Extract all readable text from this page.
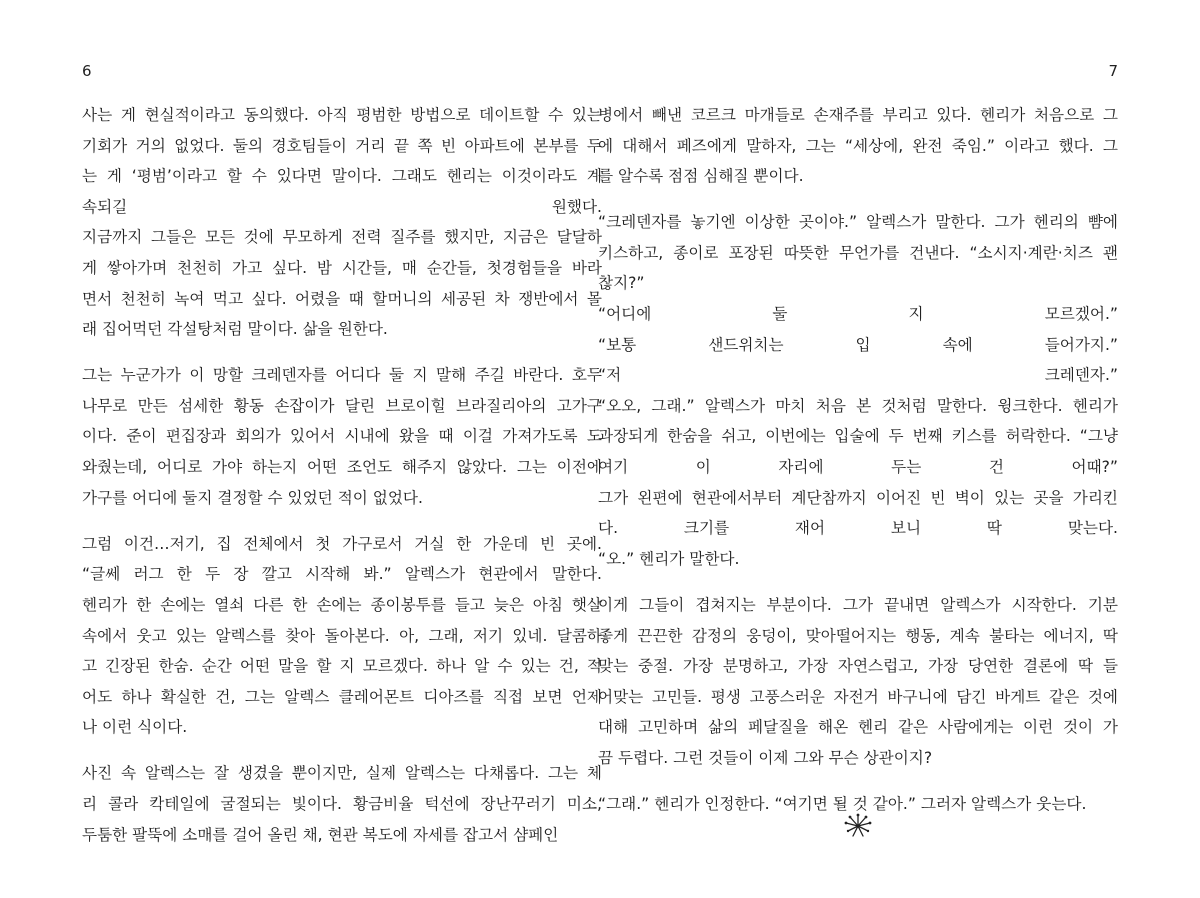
6
사는 게 현실적이라고 동의했다. 아직 평범한 방법으로 데이트할 수 있는
기회가 거의 없었다. 둘의 경호팀들이 거리 끝 쪽 빈 아파트에 본부를 두
는 게 ‘평범’이라고 할 수 있다면 말이다. 그래도 헨리는 이것이라도 계
속되길 원했다.
지금까지 그들은 모든 것에 무모하게 전력 질주를 했지만, 지금은 달달하
게 쌓아가며 천천히 가고 싶다. 밤 시간들, 매 순간들, 첫경험들을 바라
면서 천천히 녹여 먹고 싶다. 어렸을 때 할머니의 세공된 차 쟁반에서 몰
래 집어먹던 각설탕처럼 말이다. 삶을 원한다.
그는 누군가가 이 망할 크레덴자를 어디다 둘 지 말해 주길 바란다. 호두
나무로 만든 섬세한 황동 손잡이가 달린 브로이힐 브라질리아의 고가구
이다. 준이 편집장과 회의가 있어서 시내에 왔을 때 이걸 가져가도록 도
와줬는데, 어디로 가야 하는지 어떤 조언도 해주지 않았다. 그는 이전에
가구를 어디에 둘지 결정할 수 있었던 적이 없었다.
그럼 이건…저기, 집 전체에서 첫 가구로서 거실 한 가운데 빈 곳에.
“글쎄 러그 한 두 장 깔고 시작해 봐.” 알렉스가 현관에서 말한다.
헨리가 한 손에는 열쇠 다른 한 손에는 종이봉투를 들고 늦은 아침 햇살
속에서 웃고 있는 알렉스를 찾아 돌아본다. 아, 그래, 저기 있네. 달콤하
고 긴장된 한숨. 순간 어떤 말을 할 지 모르겠다. 하나 알 수 있는 건, 적
어도 하나 확실한 건, 그는 알렉스 클레어몬트 디아즈를 직접 보면 언제
나 이런 식이다.
사진 속 알렉스는 잘 생겼을 뿐이지만, 실제 알렉스는 다채롭다. 그는 체
리 콜라 칵테일에 굴절되는 빛이다. 황금비율 턱선에 장난꾸러기 미소,
두툼한 팔뚝에 소매를 걸어 올린 채, 현관 복도에 자세를 잡고서 샴페인
7
병에서 빼낸 코르크 마개들로 손재주를 부리고 있다. 헨리가 처음으로 그
에 대해서 페즈에게 말하자, 그는 “세상에, 완전 죽임.” 이라고 했다. 그
를 알수록 점점 심해질 뿐이다.
“크레덴자를 놓기엔 이상한 곳이야.” 알렉스가 말한다. 그가 헨리의 뺨에
키스하고, 종이로 포장된 따뜻한 무언가를 건낸다. “소시지·계란·치즈 괜
찮지?”
“어디에 둘 지 모르겠어.”
“보통 샌드위치는 입 속에 들어가지.”
“저 크레덴자.”
“오오, 그래.” 알렉스가 마치 처음 본 것처럼 말한다. 윙크한다. 헨리가
과장되게 한숨을 쉬고, 이번에는 입술에 두 번째 키스를 허락한다. “그냥
여기 이 자리에 두는 건 어때?”
그가 왼편에 현관에서부터 계단참까지 이어진 빈 벽이 있는 곳을 가리킨
다. 크기를 재어 보니 딱 맞는다.
“오.” 헨리가 말한다.
이게 그들이 겹쳐지는 부분이다. 그가 끝내면 알렉스가 시작한다. 기분
좋게 끈끈한 감정의 웅덩이, 맞아떨어지는 행동, 계속 불타는 에너지, 딱
맞는 중절. 가장 분명하고, 가장 자연스럽고, 가장 당연한 결론에 딱 들
어맞는 고민들. 평생 고풍스러운 자전거 바구니에 담긴 바게트 같은 것에
대해 고민하며 삶의 페달질을 해온 헨리 같은 사람에게는 이런 것이 가
끔 두렵다. 그런 것들이 이제 그와 무슨 상관이지?
“그래.” 헨리가 인정한다. “여기면 될 것 같아.” 그러자 알렉스가 웃는다.
